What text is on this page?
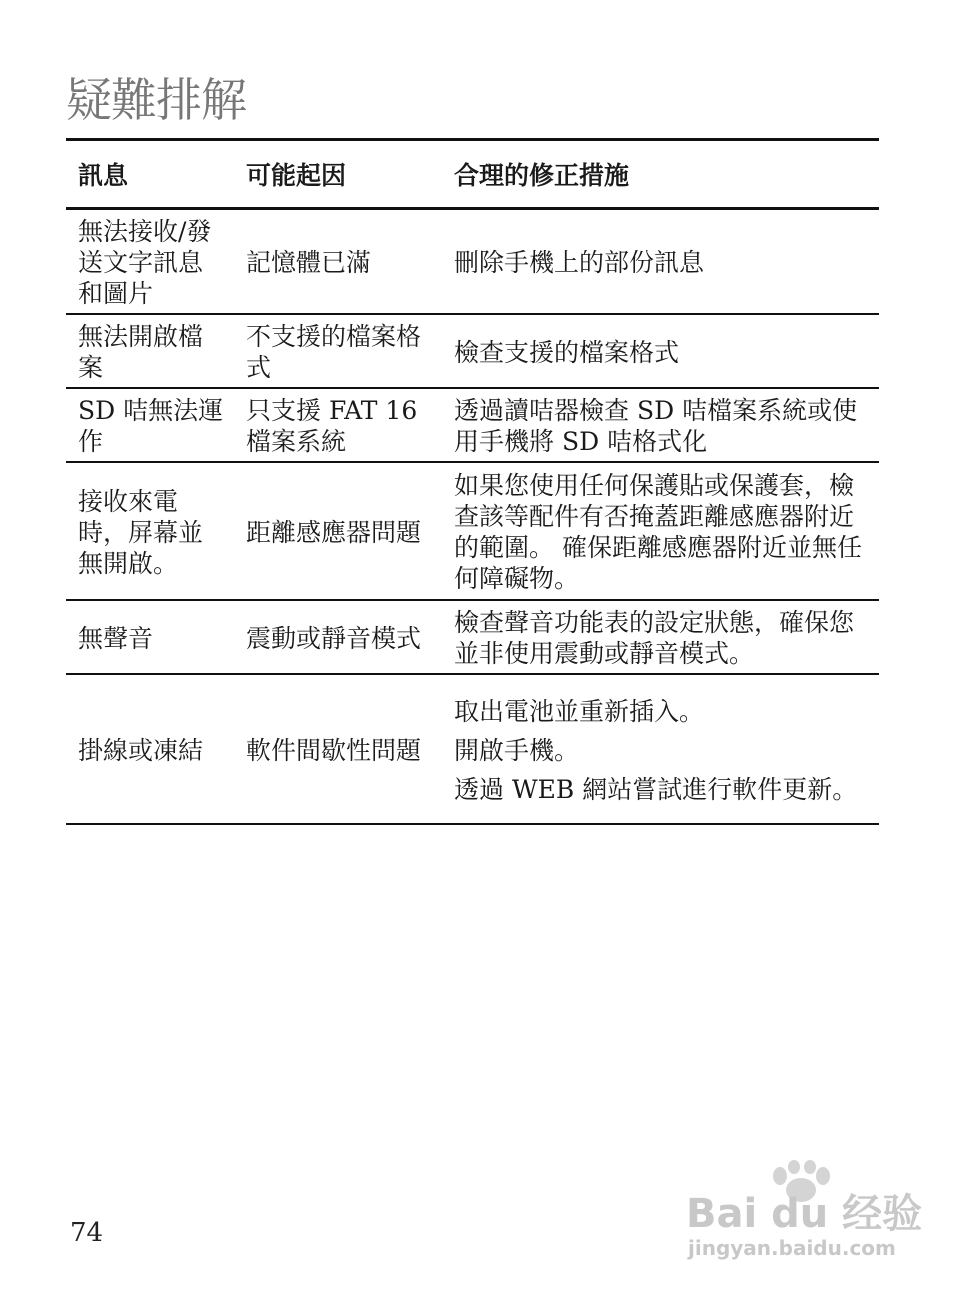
疑難排解
訊息	可能起因	合理的修正措施
無法接收/發送文字訊息和圖片	記憶體已滿	刪除手機上的部份訊息

無法開啟檔案	不支援的檔案格式	檢查支援的檔案格式

SD 咭無法運作	只支援 FAT 16 檔案系統	透過讀咭器檢查 SD 咭檔案系統或使用手機將 SD 咭格式化

接收來電時，屏幕並無開啟。	距離感應器問題	如果您使用任何保護貼或保護套，檢查該等配件有否掩蓋距離感應器附近的範圍。 確保距離感應器附近並無任何障礙物。

無聲音	震動或靜音模式	檢查聲音功能表的設定狀態，確保您並非使用震動或靜音模式。

掛線或凍結	軟件間歇性問題	取出電池並重新插入。

開啟手機。

透過 WEB 網站嘗試進行軟件更新。

74	Bai du 经验
jingyan.baidu.com
